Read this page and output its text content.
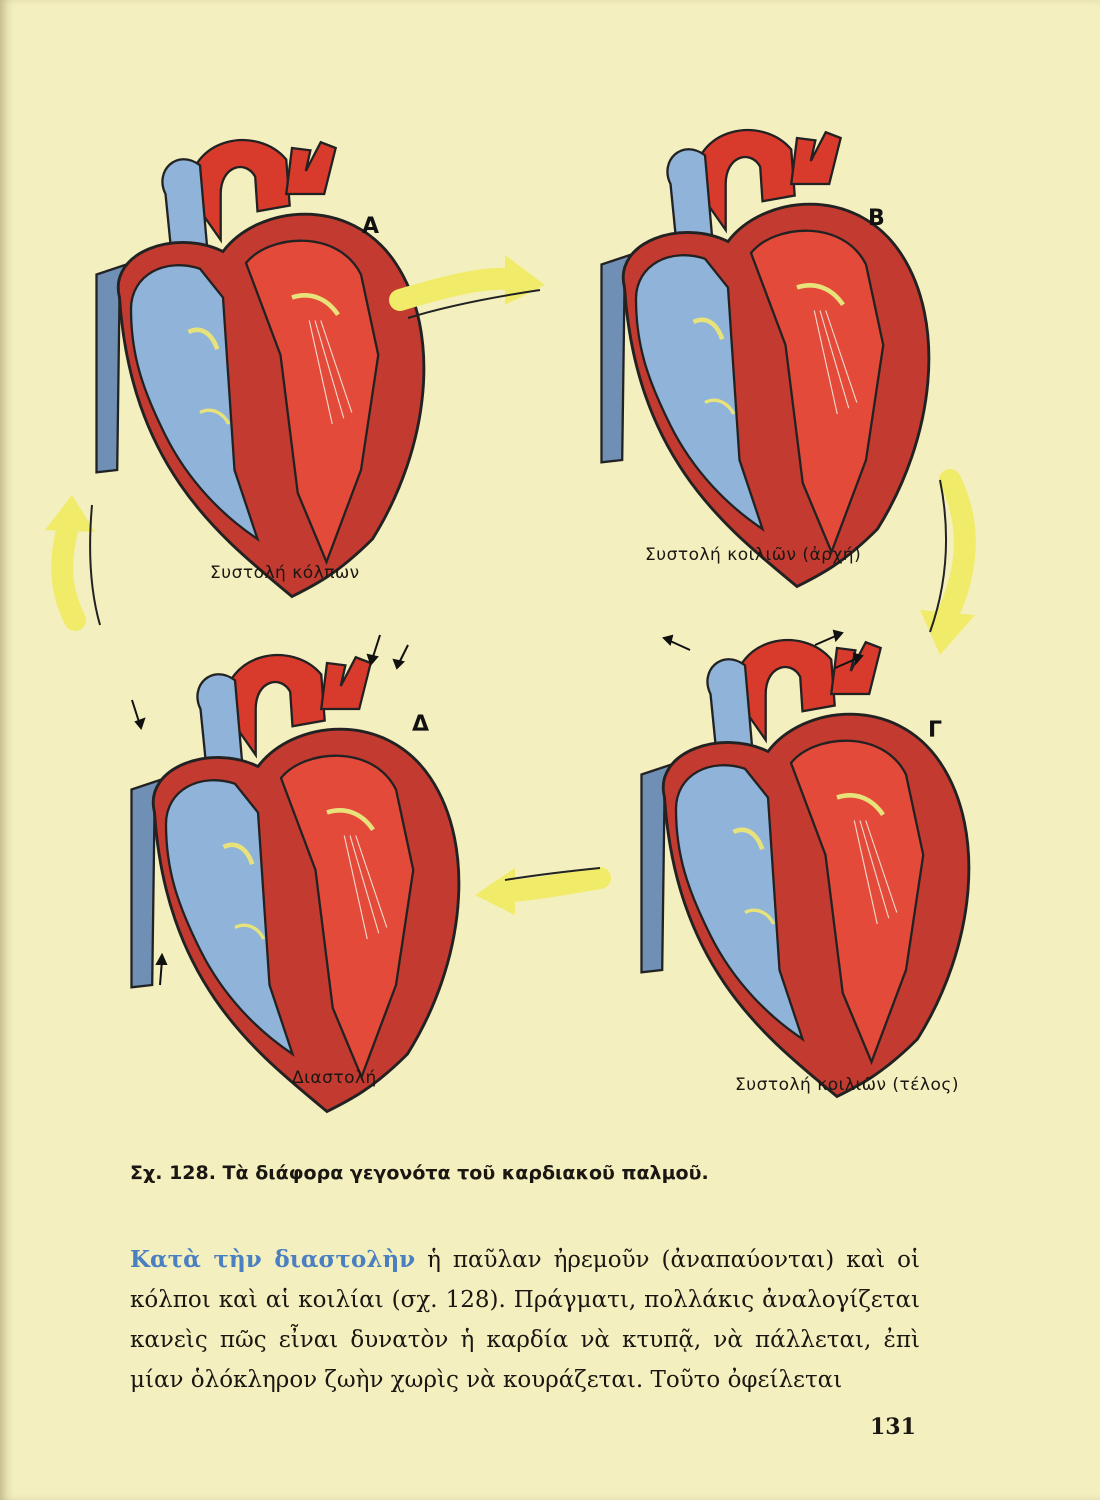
A	B
Γ
Δ
Συστολή κόλπων
Συστολή κοιλιῶν (ἀρχή)
Συστολή κοιλιῶν (τέλος)
Διαστολή
Σχ. 128. Τὰ διάφορα γεγονότα τοῦ καρδιακοῦ παλμοῦ.
Κατὰ τὴν διαστολὴν ἡ παῦλαν ἠρεμοῦν (ἀναπαύονται) καὶ οἱ κόλποι καὶ αἱ κοιλίαι (σχ. 128). Πράγματι, πολλάκις ἀναλογίζεται κανεὶς πῶς εἶναι δυνατὸν ἡ καρδία νὰ κτυπᾷ, νὰ πάλλεται, ἐπὶ μίαν ὁλόκληρον ζωὴν χωρὶς νὰ κουράζεται. Τοῦτο ὀφείλεται
131
